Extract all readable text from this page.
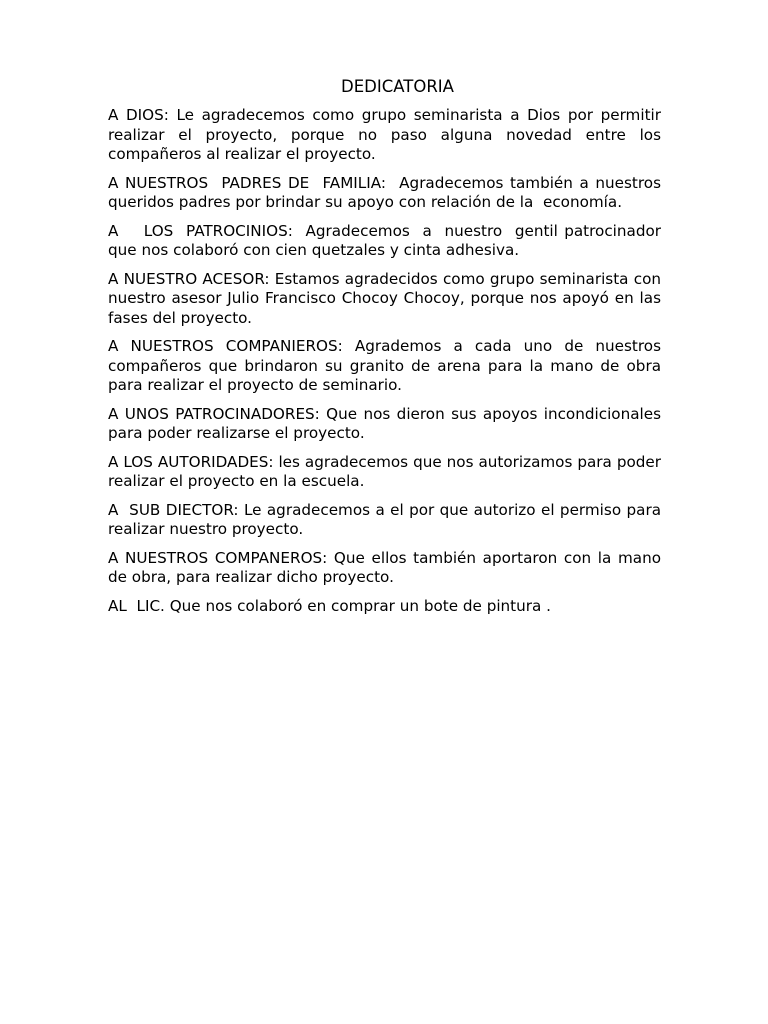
DEDICATORIA

A DIOS: Le agradecemos como grupo seminarista a Dios por permitir realizar el proyecto, porque no paso alguna novedad entre los compañeros al realizar el proyecto.

A NUESTROS  PADRES DE  FAMILIA:  Agradecemos también a nuestros queridos padres por brindar su apoyo con relación de la  economía.

A    LOS  PATROCINIOS:  Agradecemos  a  nuestro  gentil patrocinador  que nos colaboró con cien quetzales y cinta adhesiva.

A NUESTRO ACESOR: Estamos agradecidos como grupo seminarista con nuestro asesor Julio Francisco Chocoy Chocoy, porque nos apoyó en las fases del proyecto.

A NUESTROS COMPANIEROS: Agrademos a cada uno de nuestros compañeros que brindaron su granito de arena para la mano de obra para realizar el proyecto de seminario.

A UNOS PATROCINADORES: Que nos dieron sus apoyos incondicionales para poder realizarse el proyecto.

A LOS AUTORIDADES: les agradecemos que nos autorizamos para poder realizar el proyecto en la escuela.

A  SUB DIECTOR: Le agradecemos a el por que autorizo el permiso para realizar nuestro proyecto.

A NUESTROS COMPANEROS: Que ellos también aportaron con la mano de obra, para realizar dicho proyecto.

AL  LIC. Que nos colaboró en comprar un bote de pintura .
